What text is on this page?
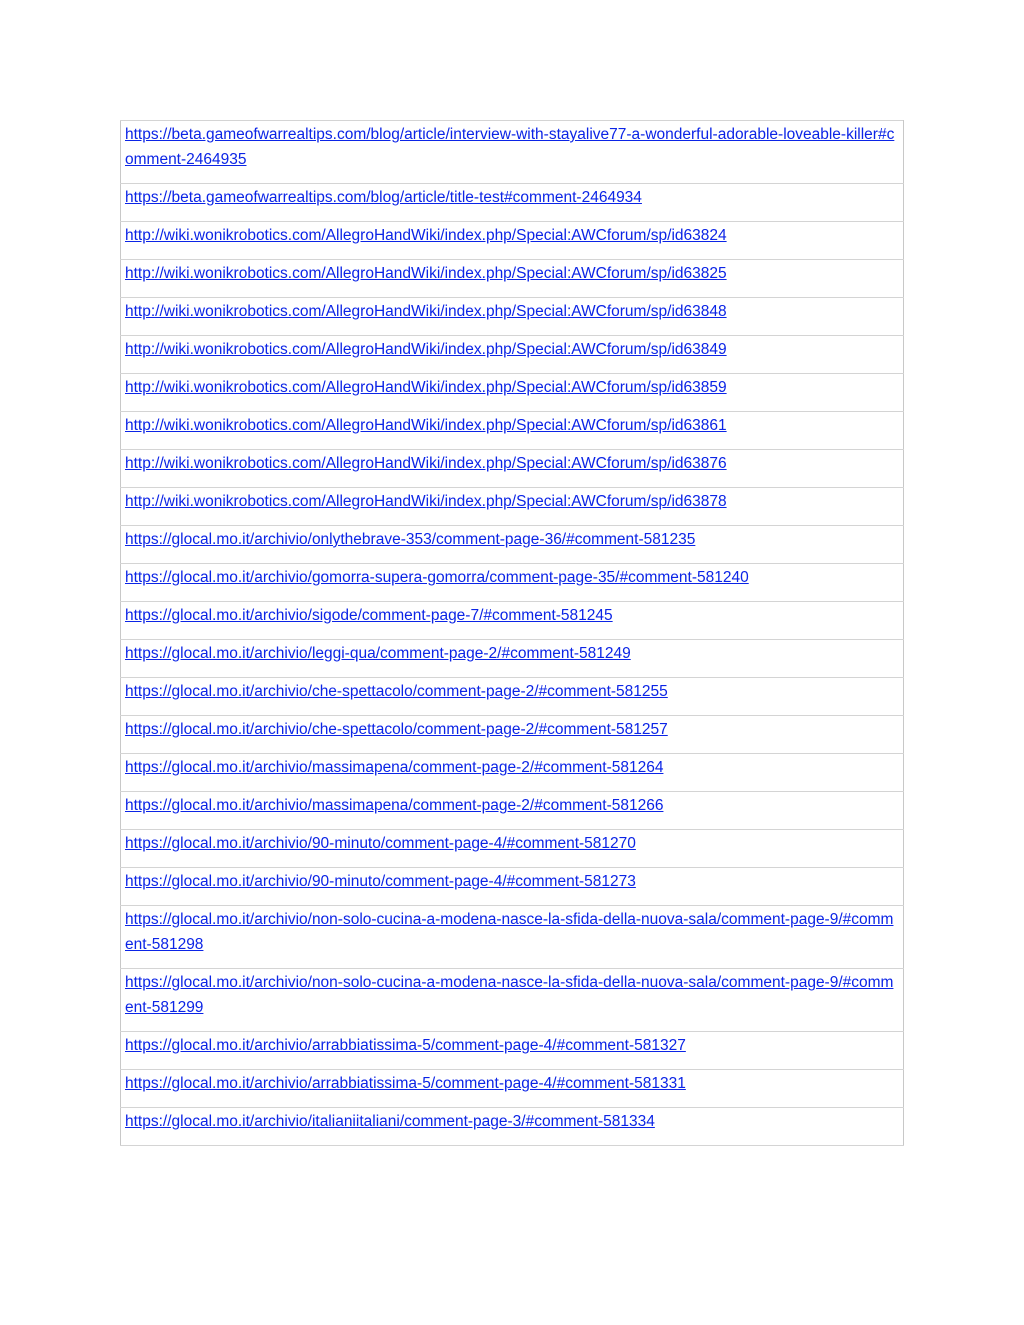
https://beta.gameofwarrealtips.com/blog/article/interview-with-stayalive77-a-wonderful-adorable-loveable-killer#comment-2464935

https://beta.gameofwarrealtips.com/blog/article/title-test#comment-2464934

http://wiki.wonikrobotics.com/AllegroHandWiki/index.php/Special:AWCforum/sp/id63824

http://wiki.wonikrobotics.com/AllegroHandWiki/index.php/Special:AWCforum/sp/id63825

http://wiki.wonikrobotics.com/AllegroHandWiki/index.php/Special:AWCforum/sp/id63848

http://wiki.wonikrobotics.com/AllegroHandWiki/index.php/Special:AWCforum/sp/id63849

http://wiki.wonikrobotics.com/AllegroHandWiki/index.php/Special:AWCforum/sp/id63859

http://wiki.wonikrobotics.com/AllegroHandWiki/index.php/Special:AWCforum/sp/id63861

http://wiki.wonikrobotics.com/AllegroHandWiki/index.php/Special:AWCforum/sp/id63876

http://wiki.wonikrobotics.com/AllegroHandWiki/index.php/Special:AWCforum/sp/id63878

https://glocal.mo.it/archivio/onlythebrave-353/comment-page-36/#comment-581235

https://glocal.mo.it/archivio/gomorra-supera-gomorra/comment-page-35/#comment-581240

https://glocal.mo.it/archivio/sigode/comment-page-7/#comment-581245

https://glocal.mo.it/archivio/leggi-qua/comment-page-2/#comment-581249

https://glocal.mo.it/archivio/che-spettacolo/comment-page-2/#comment-581255

https://glocal.mo.it/archivio/che-spettacolo/comment-page-2/#comment-581257

https://glocal.mo.it/archivio/massimapena/comment-page-2/#comment-581264

https://glocal.mo.it/archivio/massimapena/comment-page-2/#comment-581266

https://glocal.mo.it/archivio/90-minuto/comment-page-4/#comment-581270

https://glocal.mo.it/archivio/90-minuto/comment-page-4/#comment-581273

https://glocal.mo.it/archivio/non-solo-cucina-a-modena-nasce-la-sfida-della-nuova-sala/comment-page-9/#comment-581298

https://glocal.mo.it/archivio/non-solo-cucina-a-modena-nasce-la-sfida-della-nuova-sala/comment-page-9/#comment-581299

https://glocal.mo.it/archivio/arrabbiatissima-5/comment-page-4/#comment-581327

https://glocal.mo.it/archivio/arrabbiatissima-5/comment-page-4/#comment-581331

https://glocal.mo.it/archivio/italianiitaliani/comment-page-3/#comment-581334
